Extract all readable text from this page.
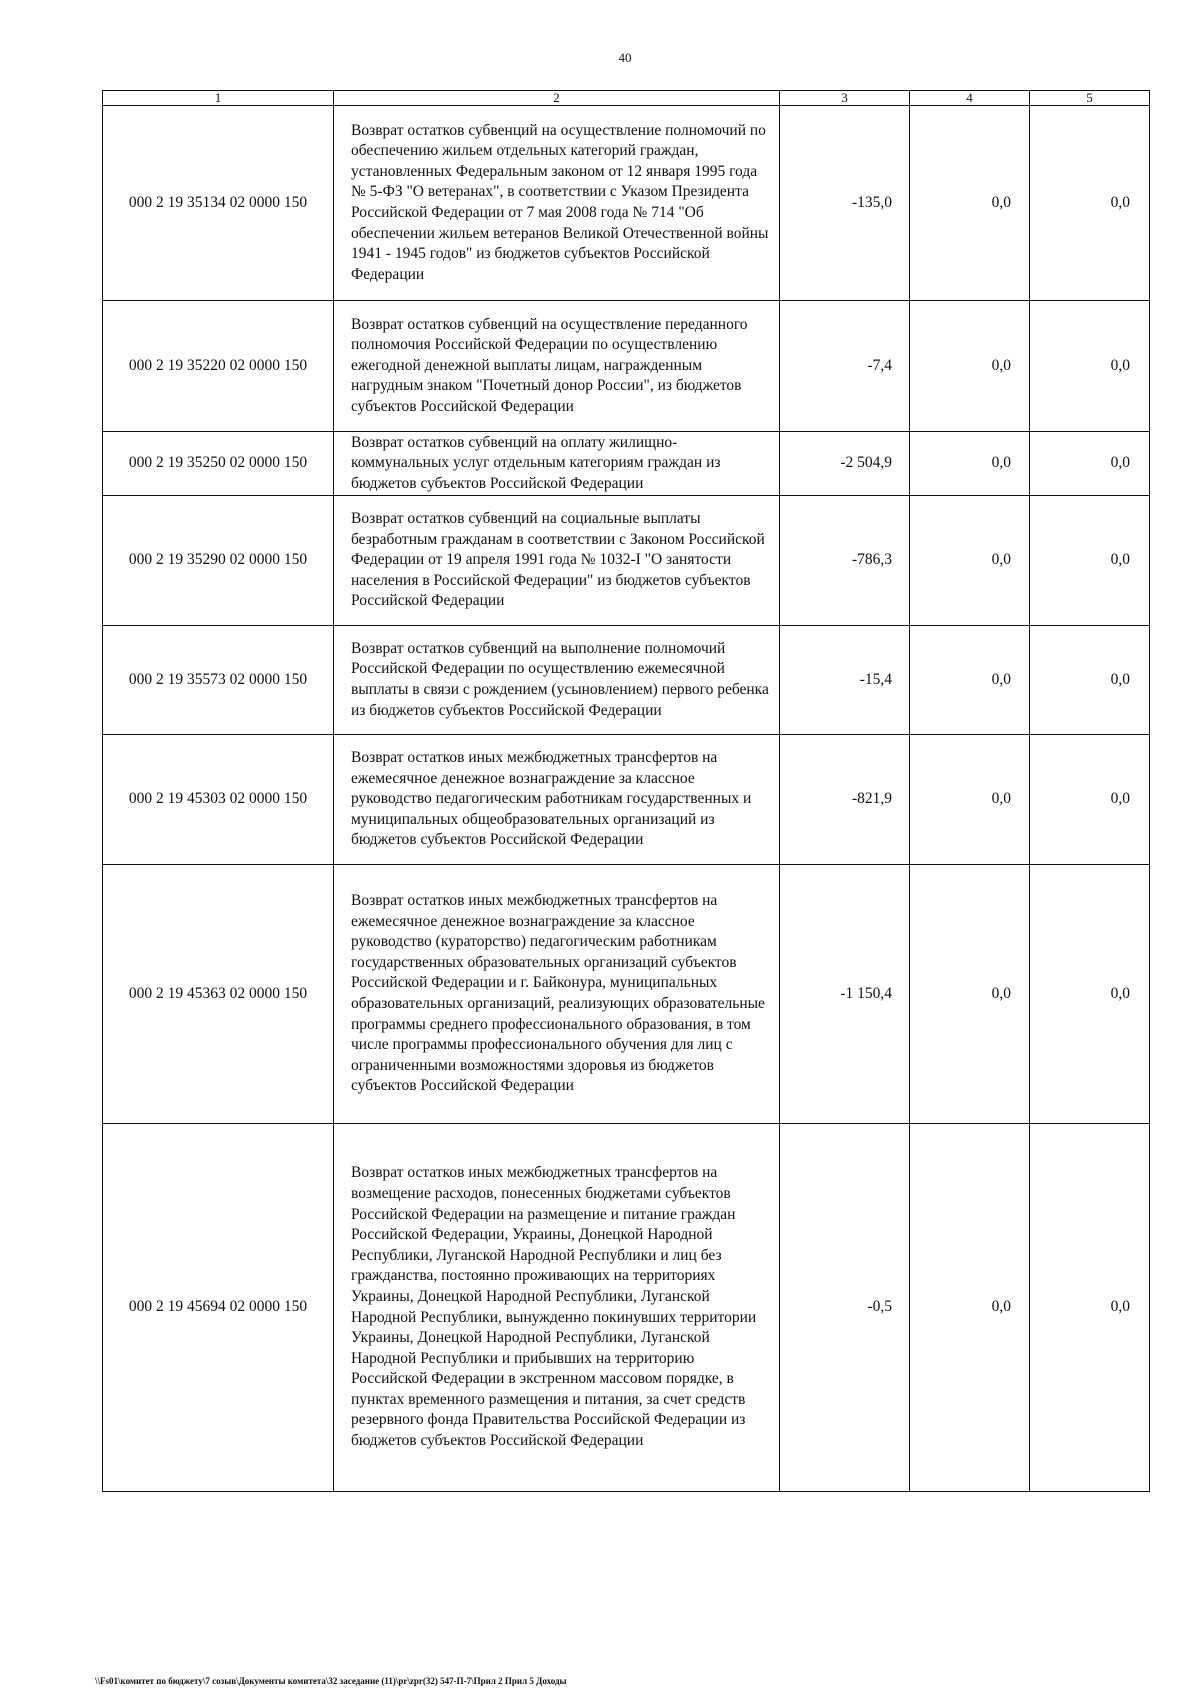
40
1	2	3	4	5
000 2 19 35134 02 0000 150	Возврат остатков субвенций на осуществление полномочий по обеспечению жильем отдельных категорий граждан, установленных Федеральным законом от 12 января 1995 года № 5-ФЗ "О ветеранах", в соответствии с Указом Президента Российской Федерации от 7 мая 2008 года № 714 "Об обеспечении жильем ветеранов Великой Отечественной войны 1941 - 1945 годов" из бюджетов субъектов Российской Федерации	-135,0	0,0	0,0
000 2 19 35220 02 0000 150	Возврат остатков субвенций на осуществление переданного полномочия Российской Федерации по осуществлению ежегодной денежной выплаты лицам, награжденным нагрудным знаком "Почетный донор России", из бюджетов субъектов Российской Федерации	-7,4	0,0	0,0
000 2 19 35250 02 0000 150	Возврат остатков субвенций на оплату жилищно-коммунальных услуг отдельным категориям граждан из бюджетов субъектов Российской Федерации	-2 504,9	0,0	0,0
000 2 19 35290 02 0000 150	Возврат остатков субвенций на социальные выплаты безработным гражданам в соответствии с Законом Российской Федерации от 19 апреля 1991 года № 1032-I "О занятости населения в Российской Федерации" из бюджетов субъектов Российской Федерации	-786,3	0,0	0,0
000 2 19 35573 02 0000 150	Возврат остатков субвенций на выполнение полномочий Российской Федерации по осуществлению ежемесячной выплаты в связи с рождением (усыновлением) первого ребенка из бюджетов субъектов Российской Федерации	-15,4	0,0	0,0
000 2 19 45303 02 0000 150	Возврат остатков иных межбюджетных трансфертов на ежемесячное денежное вознаграждение за классное руководство педагогическим работникам государственных и муниципальных общеобразовательных организаций из бюджетов субъектов Российской Федерации	-821,9	0,0	0,0
000 2 19 45363 02 0000 150	Возврат остатков иных межбюджетных трансфертов на ежемесячное денежное вознаграждение за классное руководство (кураторство) педагогическим работникам государственных образовательных организаций субъектов Российской Федерации и г. Байконура, муниципальных образовательных организаций, реализующих образовательные программы среднего профессионального образования, в том числе программы профессионального обучения для лиц с ограниченными возможностями здоровья из бюджетов субъектов Российской Федерации	-1 150,4	0,0	0,0
000 2 19 45694 02 0000 150	Возврат остатков иных межбюджетных трансфертов на возмещение расходов, понесенных бюджетами субъектов Российской Федерации на размещение и питание граждан Российской Федерации, Украины, Донецкой Народной Республики, Луганской Народной Республики и лиц без гражданства, постоянно проживающих на территориях Украины, Донецкой Народной Республики, Луганской Народной Республики, вынужденно покинувших территории Украины, Донецкой Народной Республики, Луганской Народной Республики и прибывших на территорию Российской Федерации в экстренном массовом порядке, в пунктах временного размещения и питания, за счет средств резервного фонда Правительства Российской Федерации из бюджетов субъектов Российской Федерации	-0,5	0,0	0,0
\\Fs01\комитет по бюджету\7 созыв\Документы комитета\32 заседание (11)\pr\zpr(32) 547-П-7\Прил 2 Прил 5 Доходы
